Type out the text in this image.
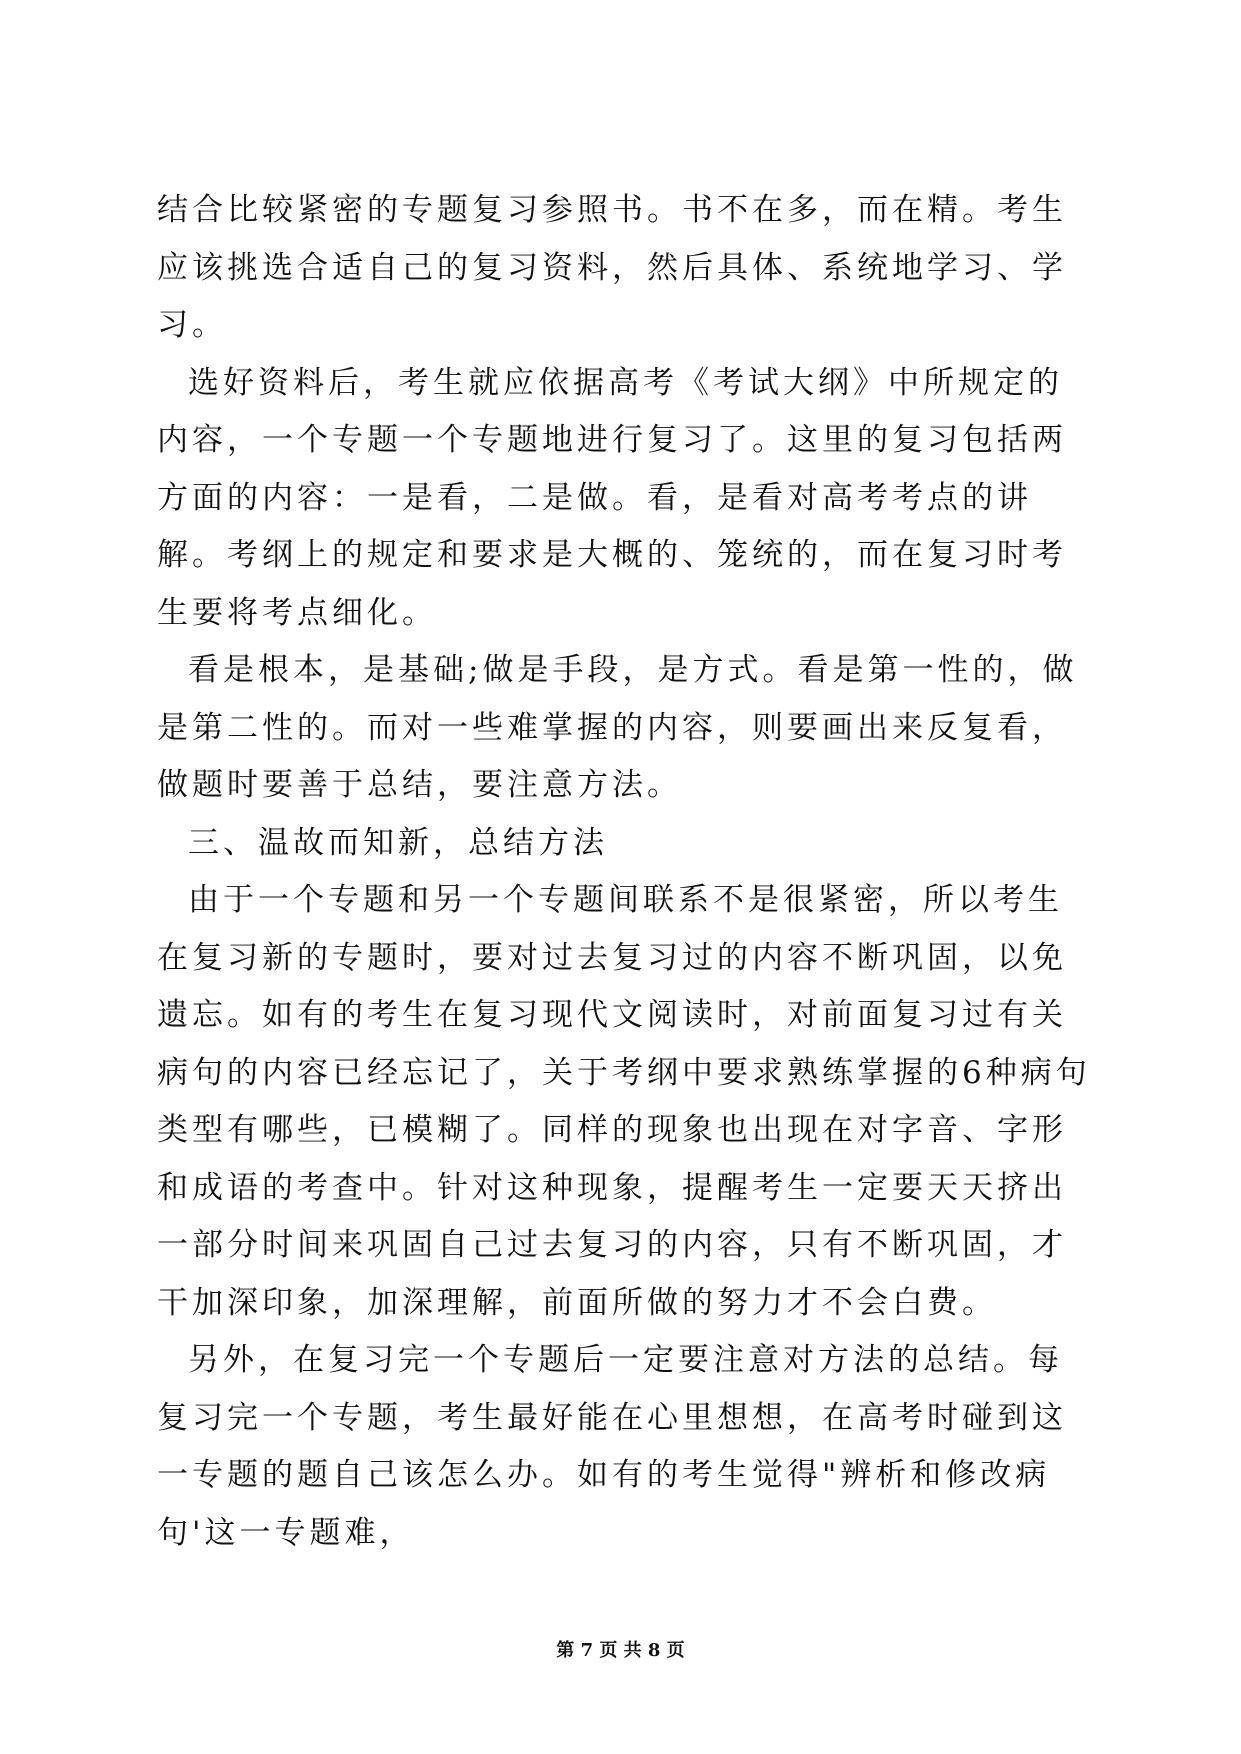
结合比较紧密的专题复习参照书。书不在多，而在精。考生应该挑选合适自己的复习资料，然后具体、系统地学习、学习。

选好资料后，考生就应依据高考《考试大纲》中所规定的内容，一个专题一个专题地进行复习了。这里的复习包括两方面的内容：一是看，二是做。看，是看对高考考点的讲解。考纲上的规定和要求是大概的、笼统的，而在复习时考生要将考点细化。

看是根本，是基础;做是手段，是方式。看是第一性的，做是第二性的。而对一些难掌握的内容，则要画出来反复看，做题时要善于总结，要注意方法。

三、温故而知新，总结方法

由于一个专题和另一个专题间联系不是很紧密，所以考生在复习新的专题时，要对过去复习过的内容不断巩固，以免遗忘。如有的考生在复习现代文阅读时，对前面复习过有关病句的内容已经忘记了，关于考纲中要求熟练掌握的6种病句类型有哪些，已模糊了。同样的现象也出现在对字音、字形和成语的考查中。针对这种现象，提醒考生一定要天天挤出一部分时间来巩固自己过去复习的内容，只有不断巩固，才干加深印象，加深理解，前面所做的努力才不会白费。

另外，在复习完一个专题后一定要注意对方法的总结。每复习完一个专题，考生最好能在心里想想，在高考时碰到这一专题的题自己该怎么办。如有的考生觉得"辨析和修改病句'这一专题难，

第 7 页 共 8 页
